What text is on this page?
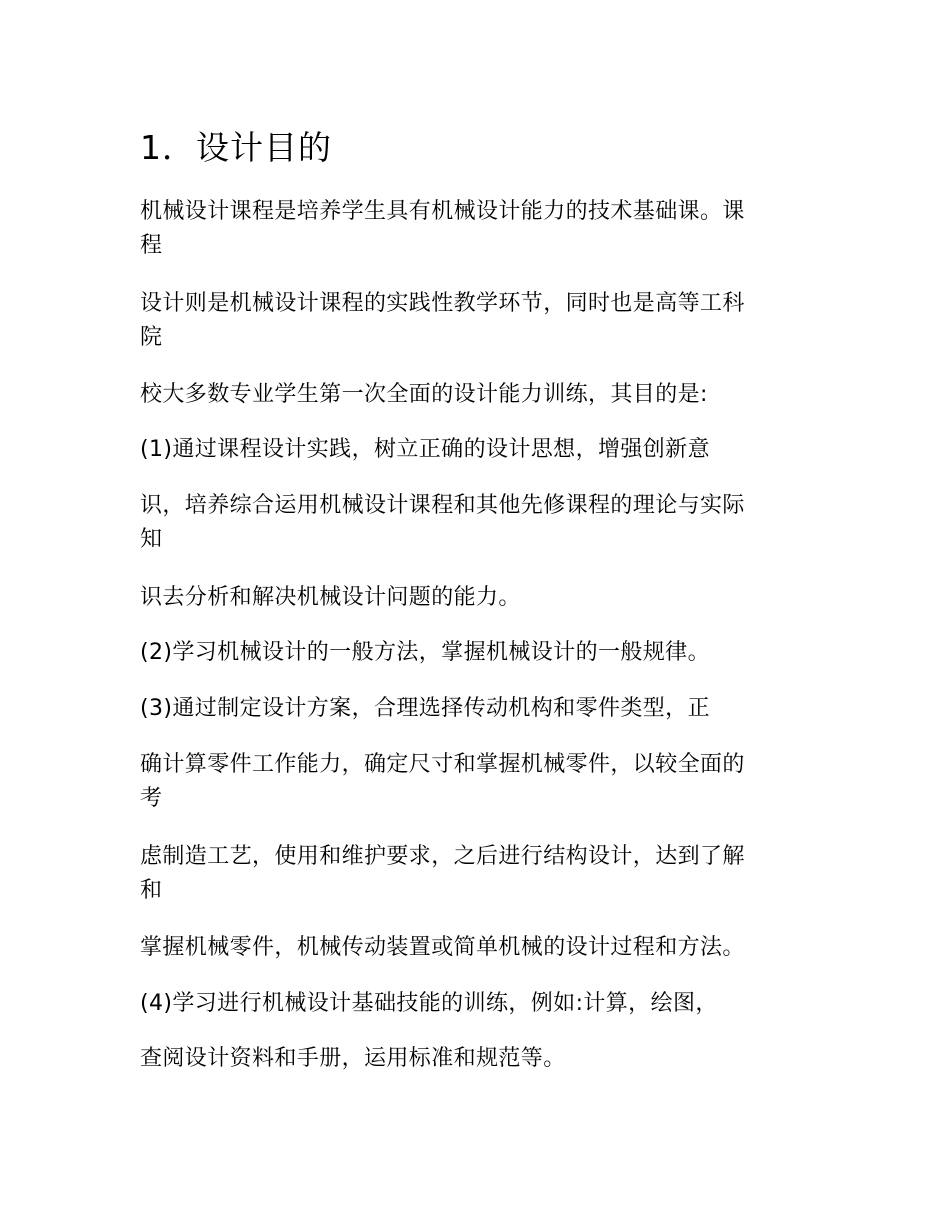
1．设计目的

机械设计课程是培养学生具有机械设计能力的技术基础课。课

程

设计则是机械设计课程的实践性教学环节，同时也是高等工科

院

校大多数专业学生第一次全面的设计能力训练，其目的是:

(1)通过课程设计实践，树立正确的设计思想，增强创新意

识，培养综合运用机械设计课程和其他先修课程的理论与实际

知

识去分析和解决机械设计问题的能力。

(2)学习机械设计的一般方法，掌握机械设计的一般规律。

(3)通过制定设计方案，合理选择传动机构和零件类型，正

确计算零件工作能力，确定尺寸和掌握机械零件，以较全面的

考

虑制造工艺，使用和维护要求，之后进行结构设计，达到了解

和

掌握机械零件，机械传动装置或简单机械的设计过程和方法。

(4)学习进行机械设计基础技能的训练，例如:计算，绘图，

查阅设计资料和手册，运用标准和规范等。
